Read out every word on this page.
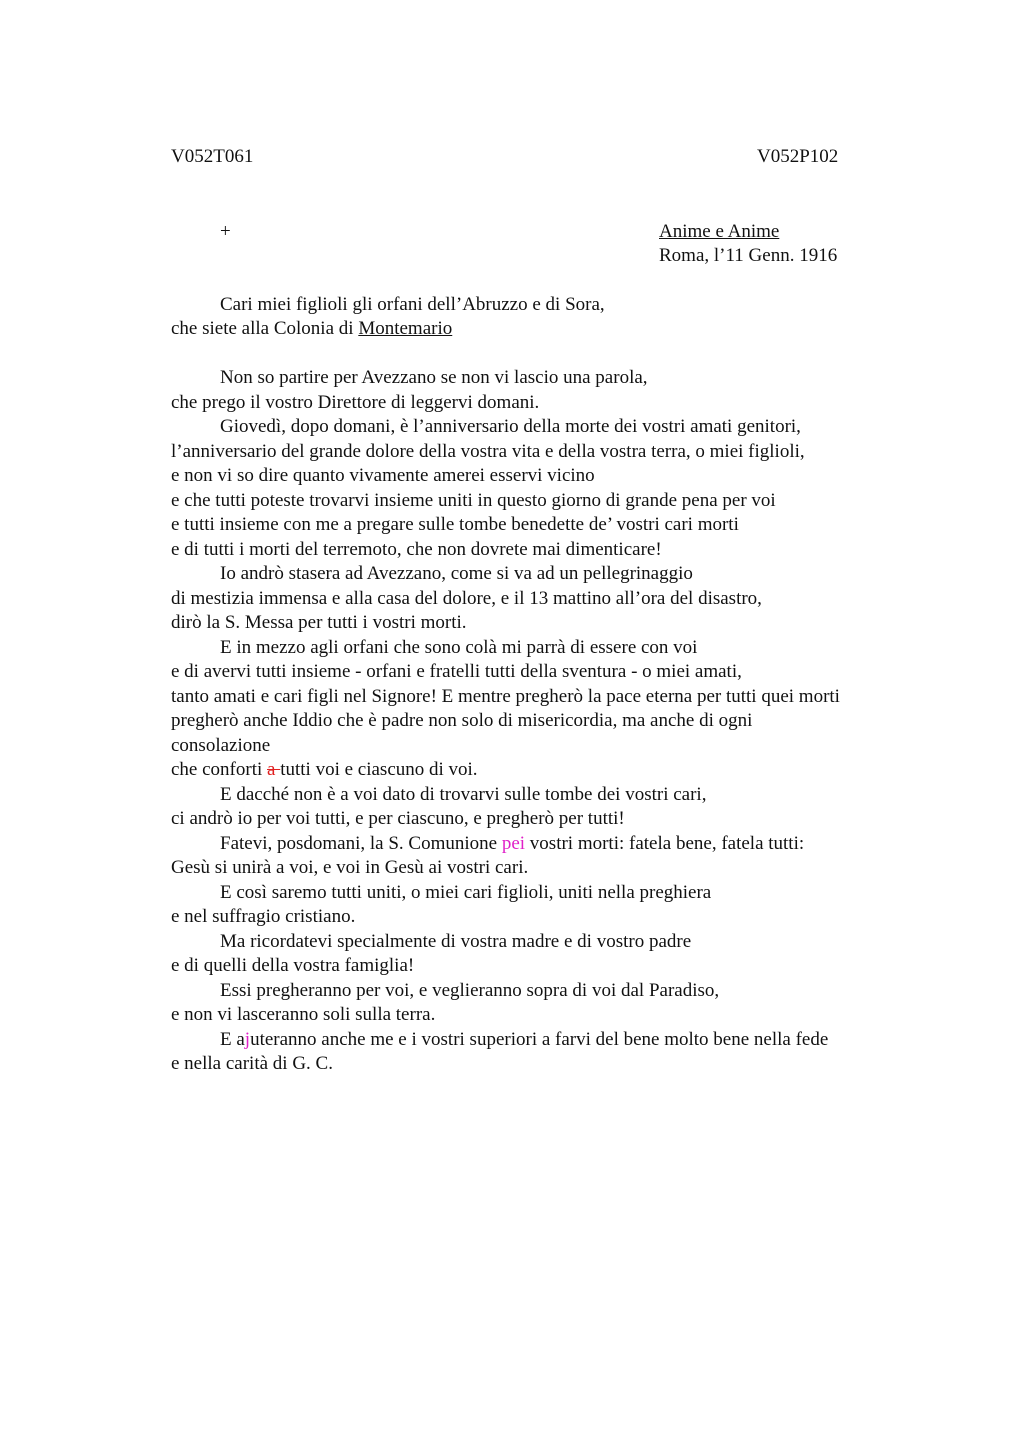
V052T061	V052P102
+	Anime e Anime
Roma, l’11 Genn. 1916
Cari miei figlioli gli orfani dell’Abruzzo e di Sora,
che siete alla Colonia di Montemario
Non so partire per Avezzano se non vi lascio una parola,
che prego il vostro Direttore di leggervi domani.
Giovedì, dopo domani, è l’anniversario della morte dei vostri amati genitori,
l’anniversario del grande dolore della vostra vita e della vostra terra, o miei figlioli,
e non vi so dire quanto vivamente amerei esservi vicino
e che tutti poteste trovarvi insieme uniti in questo giorno di grande pena per voi
e tutti insieme con me a pregare sulle tombe benedette de’ vostri cari morti
e di tutti i morti del terremoto, che non dovrete mai dimenticare!
Io andrò stasera ad Avezzano, come si va ad un pellegrinaggio
di mestizia immensa e alla casa del dolore, e il 13 mattino all’ora del disastro,
dirò la S. Messa per tutti i vostri morti.
E in mezzo agli orfani che sono colà mi parrà di essere con voi
e di avervi tutti insieme - orfani e fratelli tutti della sventura - o miei amati,
tanto amati e cari figli nel Signore! E mentre pregherò la pace eterna per tutti quei morti
pregherò anche Iddio che è padre non solo di misericordia, ma anche di ogni
consolazione
che conforti a tutti voi e ciascuno di voi.
E dacché non è a voi dato di trovarvi sulle tombe dei vostri cari,
ci andrò io per voi tutti, e per ciascuno, e pregherò per tutti!
Fatevi, posdomani, la S. Comunione pei vostri morti: fatela bene, fatela tutti:
Gesù si unirà a voi, e voi in Gesù ai vostri cari.
E così saremo tutti uniti, o miei cari figlioli, uniti nella preghiera
e nel suffragio cristiano.
Ma ricordatevi specialmente di vostra madre e di vostro padre
e di quelli della vostra famiglia!
Essi pregheranno per voi, e veglieranno sopra di voi dal Paradiso,
e non vi lasceranno soli sulla terra.
E ajuteranno anche me e i vostri superiori a farvi del bene molto bene nella fede
e nella carità di G. C.
